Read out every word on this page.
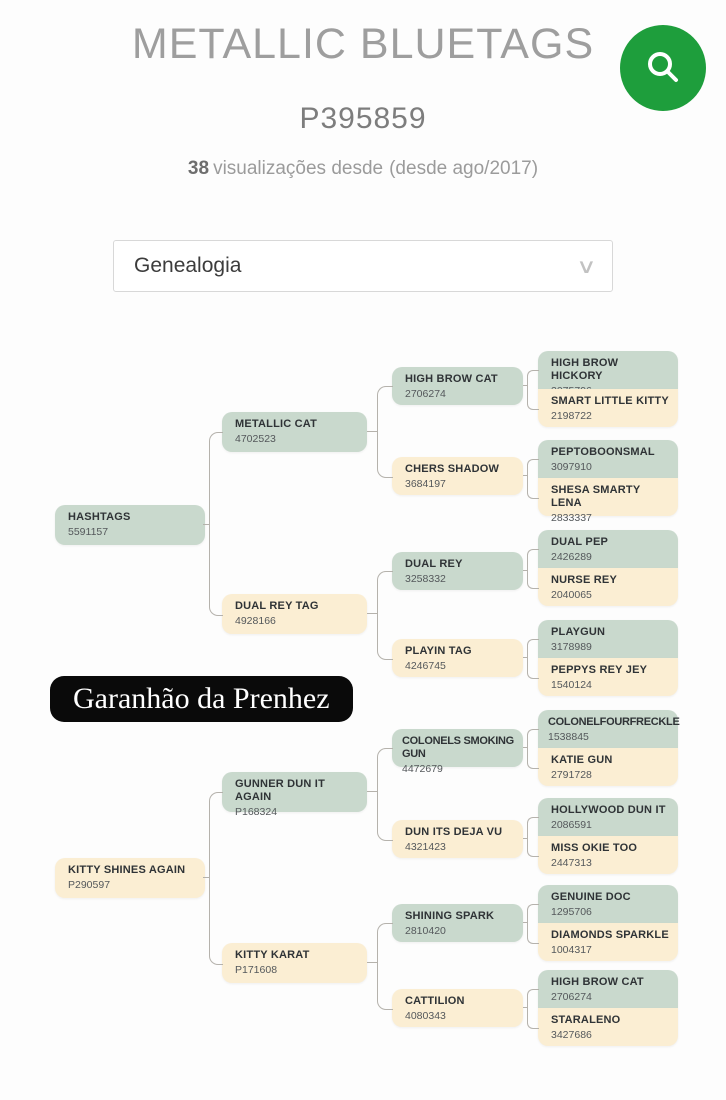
METALLIC BLUETAGS
P395859
38 visualizações desde (desde ago/2017)
Genealogia	∨
Garanhão da Prenhez
HASHTAGS
5591157
KITTY SHINES AGAIN
P290597
METALLIC CAT
4702523
DUAL REY TAG
4928166
GUNNER DUN IT AGAIN
P168324
KITTY KARAT
P171608
HIGH BROW CAT
2706274
CHERS SHADOW
3684197
DUAL REY
3258332
PLAYIN TAG
4246745
COLONELS SMOKING GUN
4472679
DUN ITS DEJA VU
4321423
SHINING SPARK
2810420
CATTILION
4080343
HIGH BROW HICKORY
SMART LITTLE KITTY
2198722
PEPTOBOONSMAL
3097910
SHESA SMARTY LENA
2833337
DUAL PEP
2426289
NURSE REY
2040065
PLAYGUN
3178989
PEPPYS REY JEY
1540124
COLONELFOURFRECKLE
1538845
KATIE GUN
2791728
HOLLYWOOD DUN IT
2086591
MISS OKIE TOO
2447313
GENUINE DOC
1295706
DIAMONDS SPARKLE
1004317
HIGH BROW CAT
2706274
STARALENO
3427686
